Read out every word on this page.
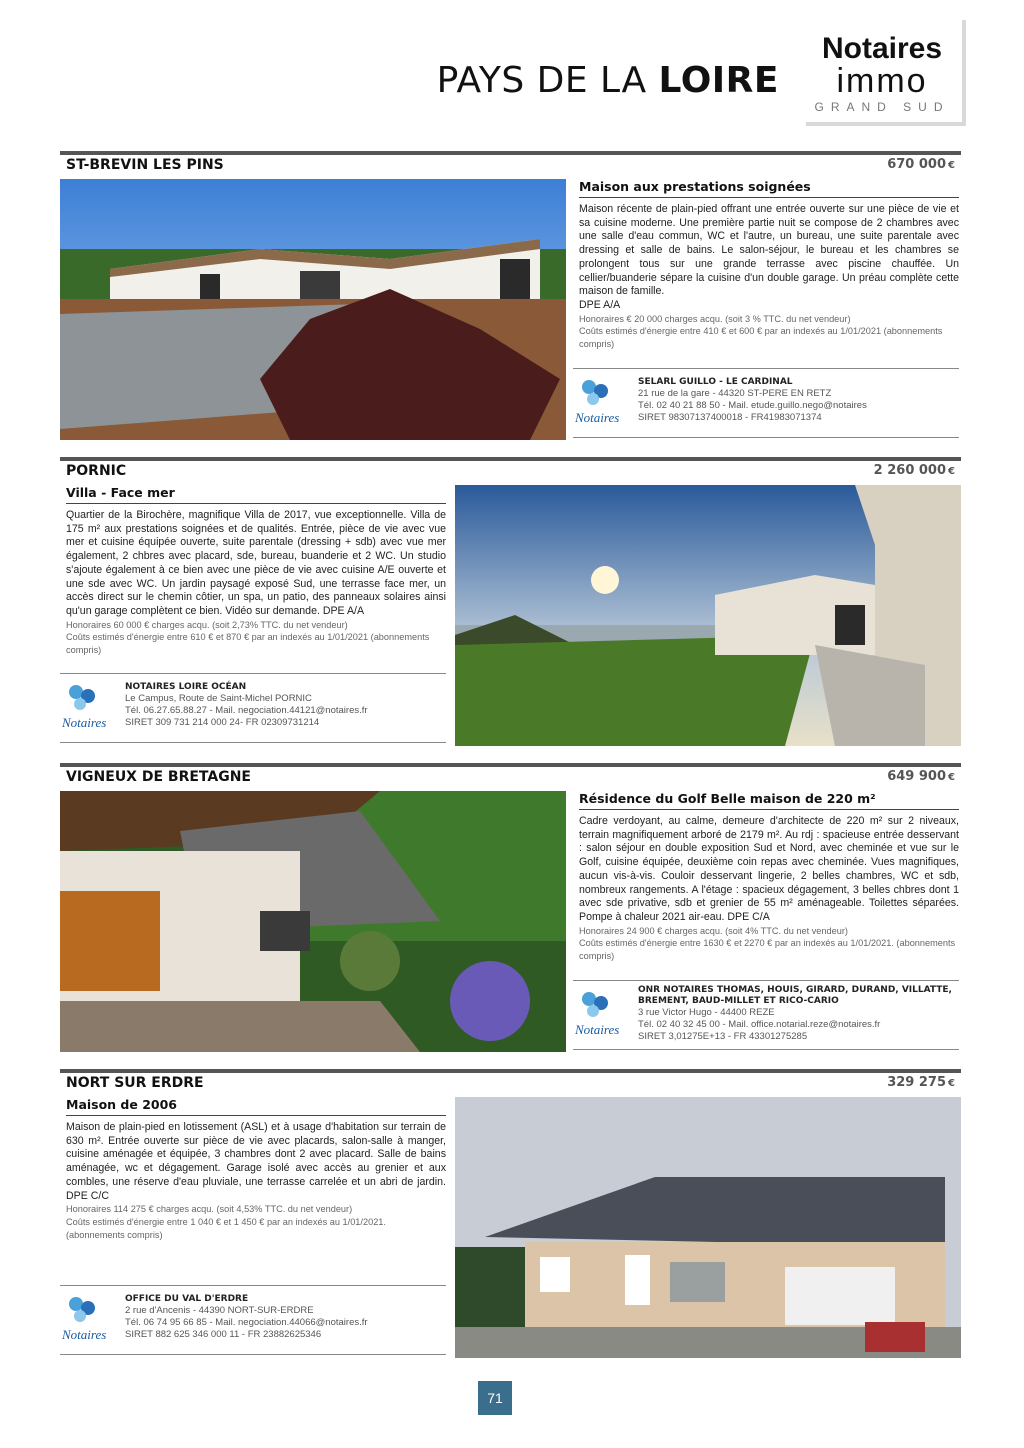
PAYS DE LA LOIRE
Notaires
immo
GRAND SUD
ST-BREVIN LES PINS	670 000 €
Maison aux prestations soignées
Maison récente de plain-pied offrant une entrée ouverte sur une pièce de vie et sa cuisine moderne. Une première partie nuit se compose de 2 chambres avec une salle d'eau commun, WC et l'autre, un bureau, une suite parentale avec dressing et salle de bains. Le salon-séjour, le bureau et les chambres se prolongent tous sur une grande terrasse avec piscine chauffée. Un cellier/buanderie sépare la cuisine d'un double garage. Un préau complète cette maison de famille.
DPE A/A
Honoraires € 20 000 charges acqu. (soit 3 % TTC. du net vendeur)
Coûts estimés d'énergie entre 410 € et 600 € par an indexés au 1/01/2021 (abonnements compris)
Notaires
SELARL GUILLO - LE CARDINAL
21 rue de la gare - 44320 ST-PERE EN RETZ
Tél. 02 40 21 88 50 - Mail. etude.guillo.nego@notaires
SIRET 98307137400018 - FR41983071374
PORNIC	2 260 000 €
Villa - Face mer
Quartier de la Birochère, magnifique Villa de 2017, vue exceptionnelle. Villa de 175 m² aux prestations soignées et de qualités. Entrée, pièce de vie avec vue mer et cuisine équipée ouverte, suite parentale (dressing + sdb) avec vue mer également, 2 chbres avec placard, sde, bureau, buanderie et 2 WC. Un studio s'ajoute également à ce bien avec une pièce de vie avec cuisine A/E ouverte et une sde avec WC. Un jardin paysagé exposé Sud, une terrasse face mer, un accès direct sur le chemin côtier, un spa, un patio, des panneaux solaires ainsi qu'un garage complètent ce bien. Vidéo sur demande. DPE A/A
Honoraires 60 000 € charges acqu. (soit 2,73% TTC. du net vendeur)
Coûts estimés d'énergie entre 610 € et 870 € par an indexés au 1/01/2021 (abonnements compris)
Notaires
NOTAIRES LOIRE OCÉAN
Le Campus, Route de Saint-Michel PORNIC
Tél. 06.27.65.88.27 - Mail. negociation.44121@notaires.fr
SIRET 309 731 214 000 24- FR 02309731214
VIGNEUX DE BRETAGNE	649 900 €
Résidence du Golf Belle maison de 220 m²
Cadre verdoyant, au calme, demeure d'architecte de 220 m² sur 2 niveaux, terrain magnifiquement arboré de 2179 m². Au rdj : spacieuse entrée desservant : salon séjour en double exposition Sud et Nord, avec cheminée et vue sur le Golf, cuisine équipée, deuxième coin repas avec cheminée. Vues magnifiques, aucun vis-à-vis. Couloir desservant lingerie, 2 belles chambres, WC et sdb, nombreux rangements. A l'étage : spacieux dégagement, 3 belles chbres dont 1 avec sde privative, sdb et grenier de 55 m² aménageable. Toilettes séparées. Pompe à chaleur 2021 air-eau. DPE C/A
Honoraires 24 900 € charges acqu. (soit 4% TTC. du net vendeur)
Coûts estimés d'énergie entre 1630 € et 2270 € par an indexés au 1/01/2021. (abonnements compris)
Notaires
ONR NOTAIRES THOMAS, HOUIS, GIRARD, DURAND, VILLATTE, BREMENT, BAUD-MILLET ET RICO-CARIO
3 rue Victor Hugo - 44400 REZE
Tél. 02 40 32 45 00 - Mail. office.notarial.reze@notaires.fr
SIRET 3,01275E+13 - FR 43301275285
NORT SUR ERDRE	329 275 €
Maison de 2006
Maison de plain-pied en lotissement (ASL) et à usage d'habitation sur terrain de 630 m². Entrée ouverte sur pièce de vie avec placards, salon-salle à manger, cuisine aménagée et équipée, 3 chambres dont 2 avec placard. Salle de bains aménagée, wc et dégagement. Garage isolé avec accès au grenier et aux combles, une réserve d'eau pluviale, une terrasse carrelée et un abri de jardin. DPE C/C
Honoraires 114 275 € charges acqu. (soit 4,53% TTC. du net vendeur)
Coûts estimés d'énergie entre 1 040 € et 1 450 € par an indexés au 1/01/2021. (abonnements compris)
Notaires
OFFICE DU VAL D'ERDRE
2 rue d'Ancenis - 44390 NORT-SUR-ERDRE
Tél. 06 74 95 66 85 - Mail. negociation.44066@notaires.fr
SIRET 882 625 346 000 11 - FR 23882625346
71
